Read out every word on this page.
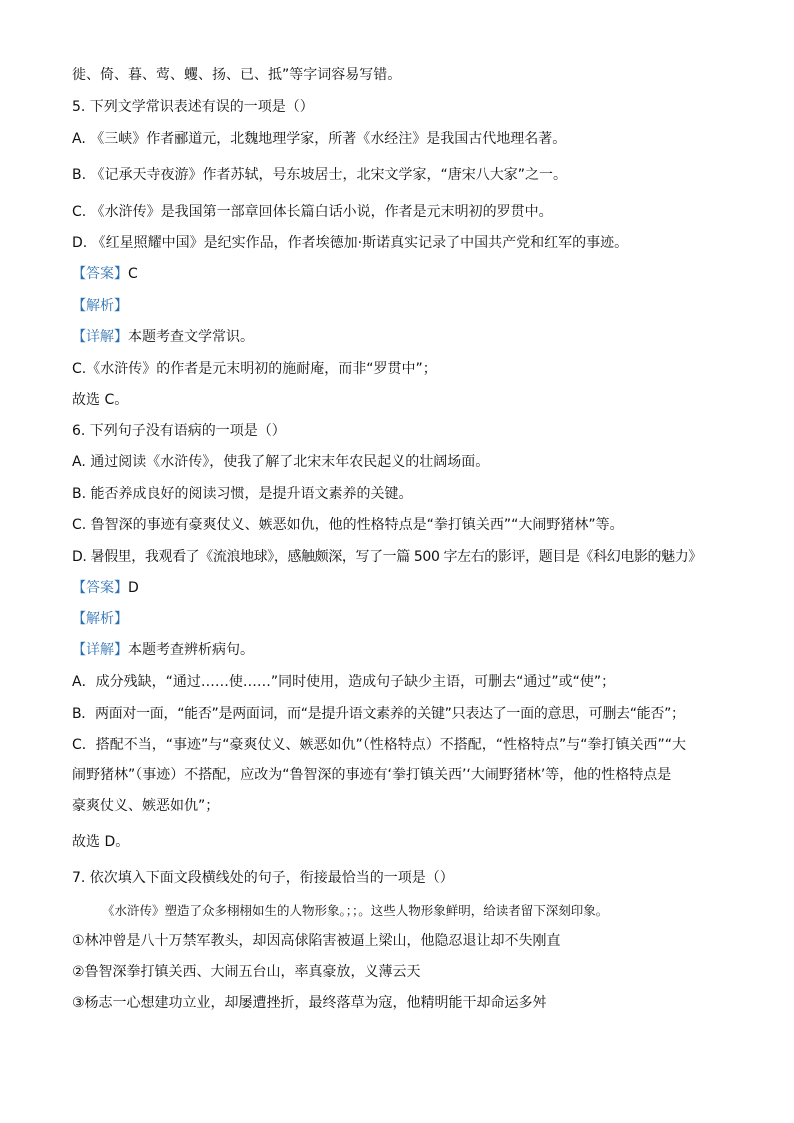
徙、倚、暮、莺、蠼、扬、已、抵”等字词容易写错。
5. 下列文学常识表述有误的一项是（）
A. 《三峡》作者郦道元，北魏地理学家，所著《水经注》是我国古代地理名著。
B. 《记承天寺夜游》作者苏轼，号东坡居士，北宋文学家，“唐宋八大家”之一。
C. 《水浒传》是我国第一部章回体长篇白话小说，作者是元末明初的罗贯中。
D. 《红星照耀中国》是纪实作品，作者埃德加·斯诺真实记录了中国共产党和红军的事迹。
【答案】C
【解析】
【详解】本题考查文学常识。
C.《水浒传》的作者是元末明初的施耐庵，而非“罗贯中”；
故选 C。
6. 下列句子没有语病的一项是（）
A. 通过阅读《水浒传》，使我了解了北宋末年农民起义的壮阔场面。
B. 能否养成良好的阅读习惯，是提升语文素养的关键。
C. 鲁智深的事迹有豪爽仗义、嫉恶如仇，他的性格特点是“拳打镇关西”“大闹野猪林”等。
D. 暑假里，我观看了《流浪地球》，感触颇深，写了一篇 500 字左右的影评，题目是《科幻电影的魅力》
【答案】D
【解析】
【详解】本题考查辨析病句。
A．成分残缺，“通过……使……”同时使用，造成句子缺少主语，可删去“通过”或“使”；
B．两面对一面，“能否”是两面词，而“是提升语文素养的关键”只表达了一面的意思，可删去“能否”；
C．搭配不当，“事迹”与“豪爽仗义、嫉恶如仇”（性格特点）不搭配，“性格特点”与“拳打镇关西”“大
闹野猪林”（事迹）不搭配，应改为“鲁智深的事迹有‘拳打镇关西’‘大闹野猪林’等，他的性格特点是
豪爽仗义、嫉恶如仇”；
故选 D。
7. 依次填入下面文段横线处的句子，衔接最恰当的一项是（）
《水浒传》塑造了众多栩栩如生的人物形象。；；。这些人物形象鲜明，给读者留下深刻印象。
①林冲曾是八十万禁军教头，却因高俅陷害被逼上梁山，他隐忍退让却不失刚直
②鲁智深拳打镇关西、大闹五台山，率真豪放，义薄云天
③杨志一心想建功立业，却屡遭挫折，最终落草为寇，他精明能干却命运多舛
